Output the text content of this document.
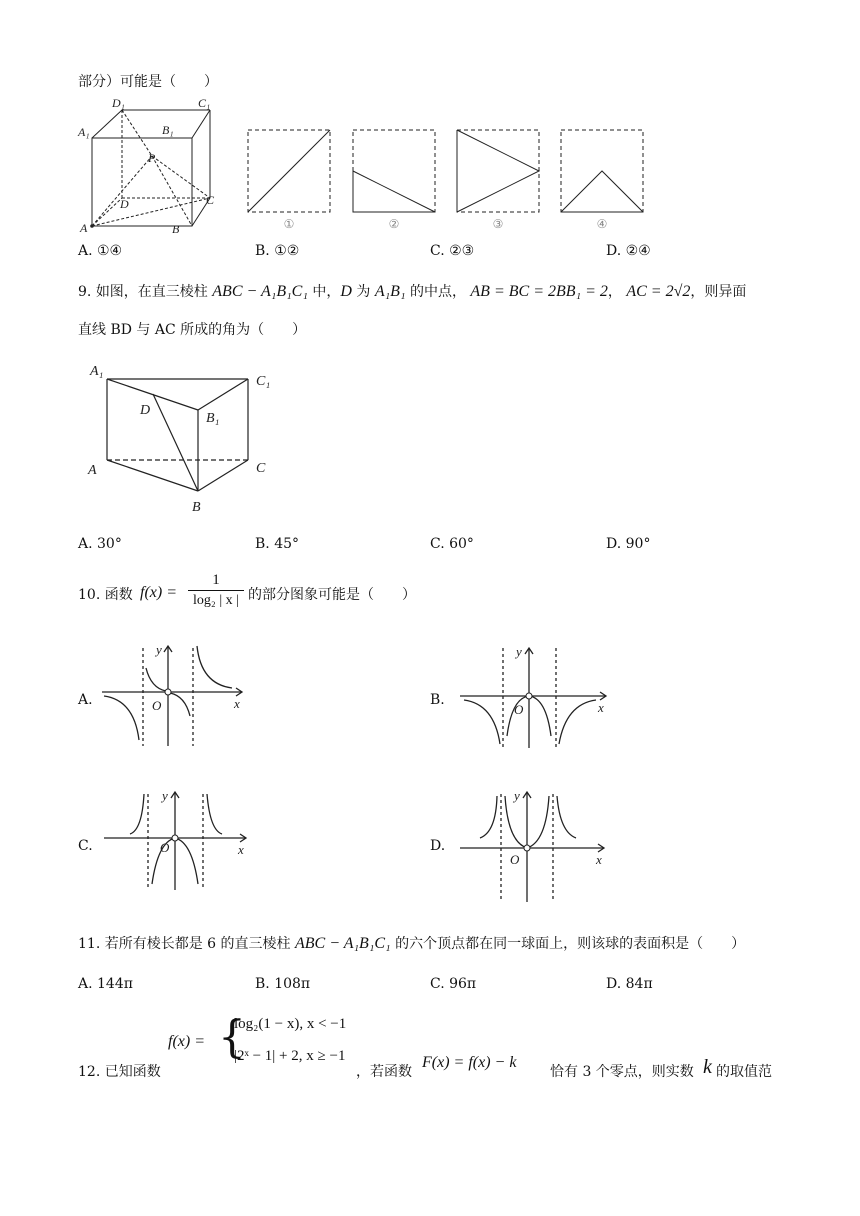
部分）可能是（　　）
D₁	C₁
A₁	B₁
P
D	C
A	B	①	②	③	④
A. ①④	B. ①②	C. ②③	D. ②④
9. 如图，在直三棱柱 ABC − A₁B₁C₁ 中，D 为 A₁B₁ 的中点， AB = BC = 2BB₁ = 2， AC = 2√2，则异面
直线 BD 与 AC 所成的角为（　　）
A₁
C₁
D
B₁
A	C
B
A. 30°	B. 45°	C. 60°	D. 90°
10. 函数 f(x) =
1
log₂ | x | 的部分图象可能是（　　）
A.
y
x
O	B.
y
x
O
C.
y
x
O	D.
y
x
O
11. 若所有棱长都是 6 的直三棱柱 ABC − A₁B₁C₁ 的六个顶点都在同一球面上，则该球的表面积是（　　）
A. 144π	B. 108π	C. 96π	D. 84π
12. 已知函数
f(x) = {
log₂(1 − x), x < −1
|2ˣ − 1| + 2, x ≥ −1
，若函数
F(x) = f(x) − k
恰有 3 个零点，则实数 k 的取值范
